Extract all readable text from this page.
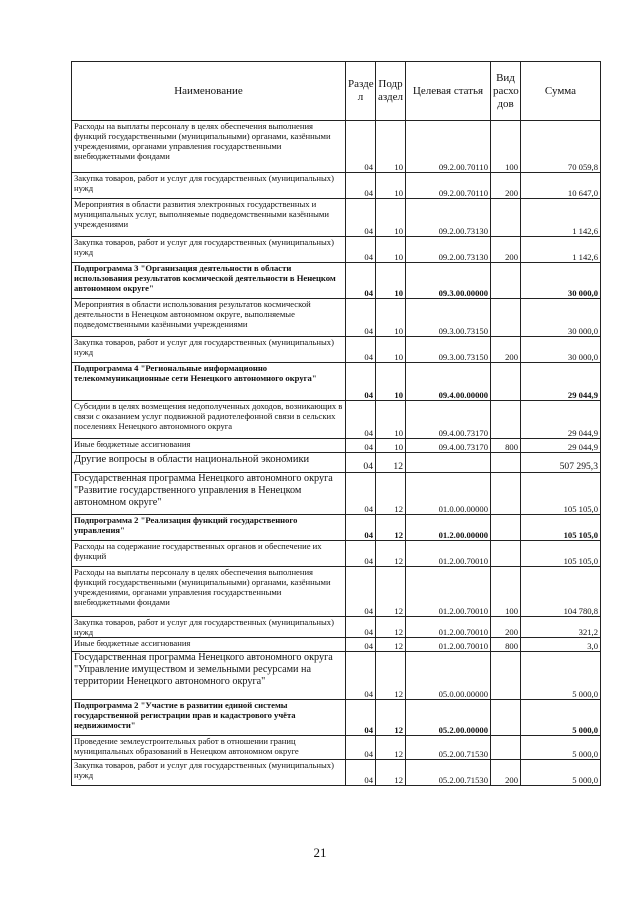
Наименование	Разде л	Подр аздел	Целевая статья	Вид расхо дов	Сумма
Расходы на выплаты персоналу в целях обеспечения выполнения функций государственными (муниципальными) органами, казёнными учреждениями, органами управления государственными внебюджетными фондами	04	10	09.2.00.70110	100	70 059,8
Закупка товаров, работ и услуг для государственных (муниципальных) нужд	04	10	09.2.00.70110	200	10 647,0
Мероприятия в области развития электронных государственных и муниципальных услуг, выполняемые подведомственными казёнными учреждениями	04	10	09.2.00.73130		1 142,6
Закупка товаров, работ и услуг для государственных (муниципальных) нужд	04	10	09.2.00.73130	200	1 142,6
Подпрограмма 3 "Организация деятельности в области использования результатов космической деятельности в Ненецком автономном округе"	04	10	09.3.00.00000		30 000,0
Мероприятия в области использования результатов космической деятельности в Ненецком автономном округе, выполняемые подведомственными казёнными учреждениями	04	10	09.3.00.73150		30 000,0
Закупка товаров, работ и услуг для государственных (муниципальных) нужд	04	10	09.3.00.73150	200	30 000,0
Подпрограмма 4 "Региональные информационно телекоммуникационные сети Ненецкого автономного округа"	04	10	09.4.00.00000		29 044,9
Субсидии в целях возмещения недополученных доходов, возникающих в связи с оказанием услуг подвижной радиотелефонной связи в сельских поселениях Ненецкого автономного округа	04	10	09.4.00.73170		29 044,9
Иные бюджетные ассигнования	04	10	09.4.00.73170	800	29 044,9
Другие вопросы в области национальной экономики	04	12			507 295,3
Государственная программа Ненецкого автономного округа "Развитие государственного управления в Ненецком автономном округе"	04	12	01.0.00.00000		105 105,0
Подпрограмма 2 "Реализация функций государственного управления"	04	12	01.2.00.00000		105 105,0
Расходы на содержание государственных органов и обеспечение их функций	04	12	01.2.00.70010		105 105,0
Расходы на выплаты персоналу в целях обеспечения выполнения функций государственными (муниципальными) органами, казёнными учреждениями, органами управления государственными внебюджетными фондами	04	12	01.2.00.70010	100	104 780,8
Закупка товаров, работ и услуг для государственных (муниципальных) нужд	04	12	01.2.00.70010	200	321,2
Иные бюджетные ассигнования	04	12	01.2.00.70010	800	3,0
Государственная программа Ненецкого автономного округа "Управление имуществом и земельными ресурсами на территории Ненецкого автономного округа"	04	12	05.0.00.00000		5 000,0
Подпрограмма 2 "Участие в развитии единой системы государственной регистрации прав и кадастрового учёта недвижимости"	04	12	05.2.00.00000		5 000,0
Проведение землеустроительных работ в отношении границ муниципальных образований в Ненецком автономном округе	04	12	05.2.00.71530		5 000,0
Закупка товаров, работ и услуг для государственных (муниципальных) нужд	04	12	05.2.00.71530	200	5 000,0
21
